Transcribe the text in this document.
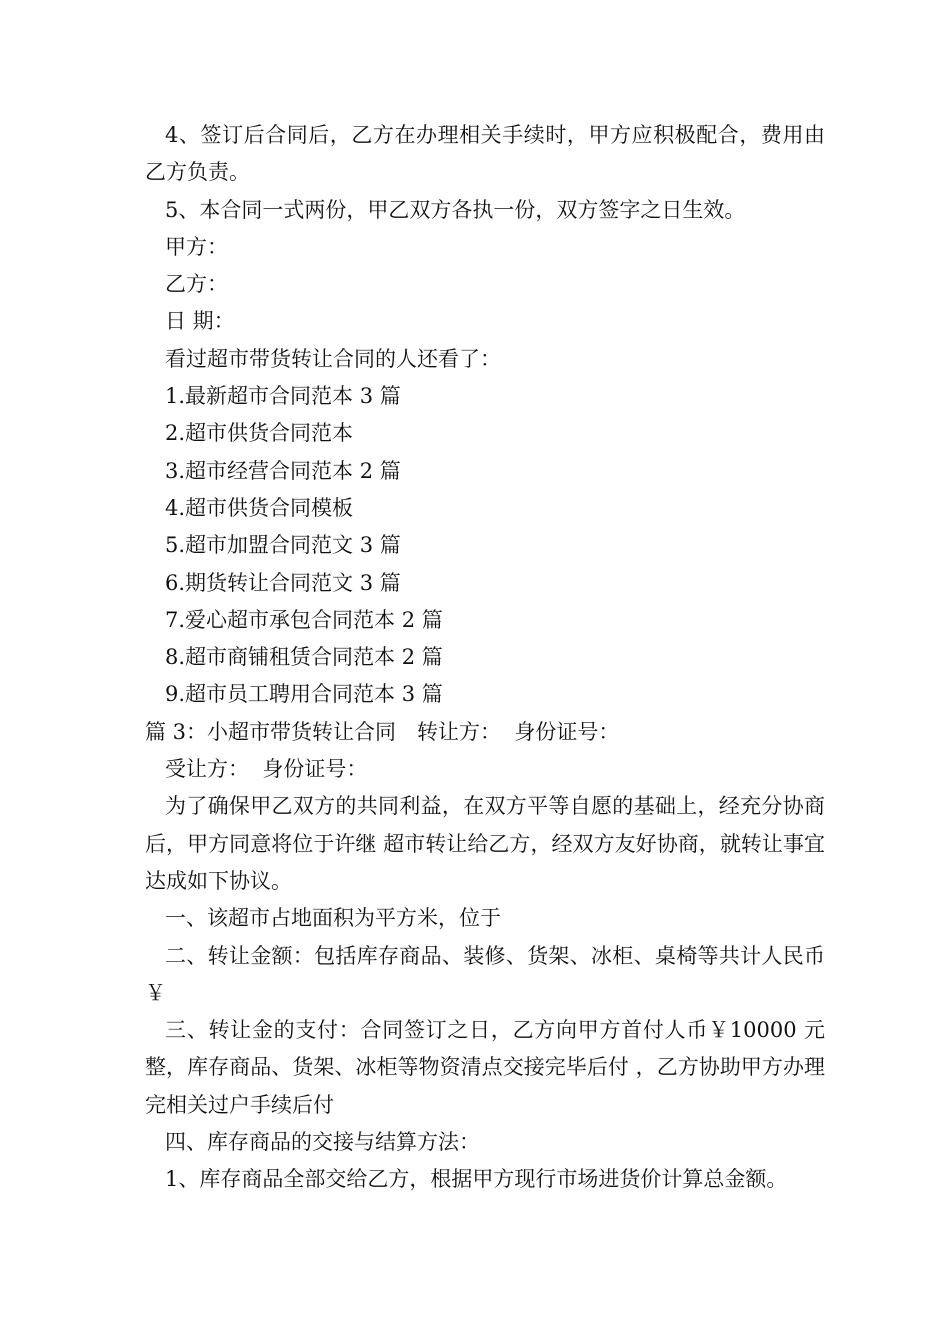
4、签订后合同后，乙方在办理相关手续时，甲方应积极配合，费用由乙方负责。

5、本合同一式两份，甲乙双方各执一份，双方签字之日生效。

甲方：

乙方：

日 期：

看过超市带货转让合同的人还看了：

1.最新超市合同范本 3 篇

2.超市供货合同范本

3.超市经营合同范本 2 篇

4.超市供货合同模板

5.超市加盟合同范文 3 篇

6.期货转让合同范文 3 篇

7.爱心超市承包合同范本 2 篇

8.超市商铺租赁合同范本 2 篇

9.超市员工聘用合同范本 3 篇

篇 3：小超市带货转让合同　转让方：  身份证号：

受让方：  身份证号：

为了确保甲乙双方的共同利益，在双方平等自愿的基础上，经充分协商后，甲方同意将位于许继 超市转让给乙方，经双方友好协商，就转让事宜达成如下协议。

一、该超市占地面积为平方米，位于

二、转让金额：包括库存商品、装修、货架、冰柜、桌椅等共计人民币￥

三、转让金的支付：合同签订之日，乙方向甲方首付人币￥10000 元整，库存商品、货架、冰柜等物资清点交接完毕后付 ，乙方协助甲方办理完相关过户手续后付

四、库存商品的交接与结算方法：

1、库存商品全部交给乙方，根据甲方现行市场进货价计算总金额。
